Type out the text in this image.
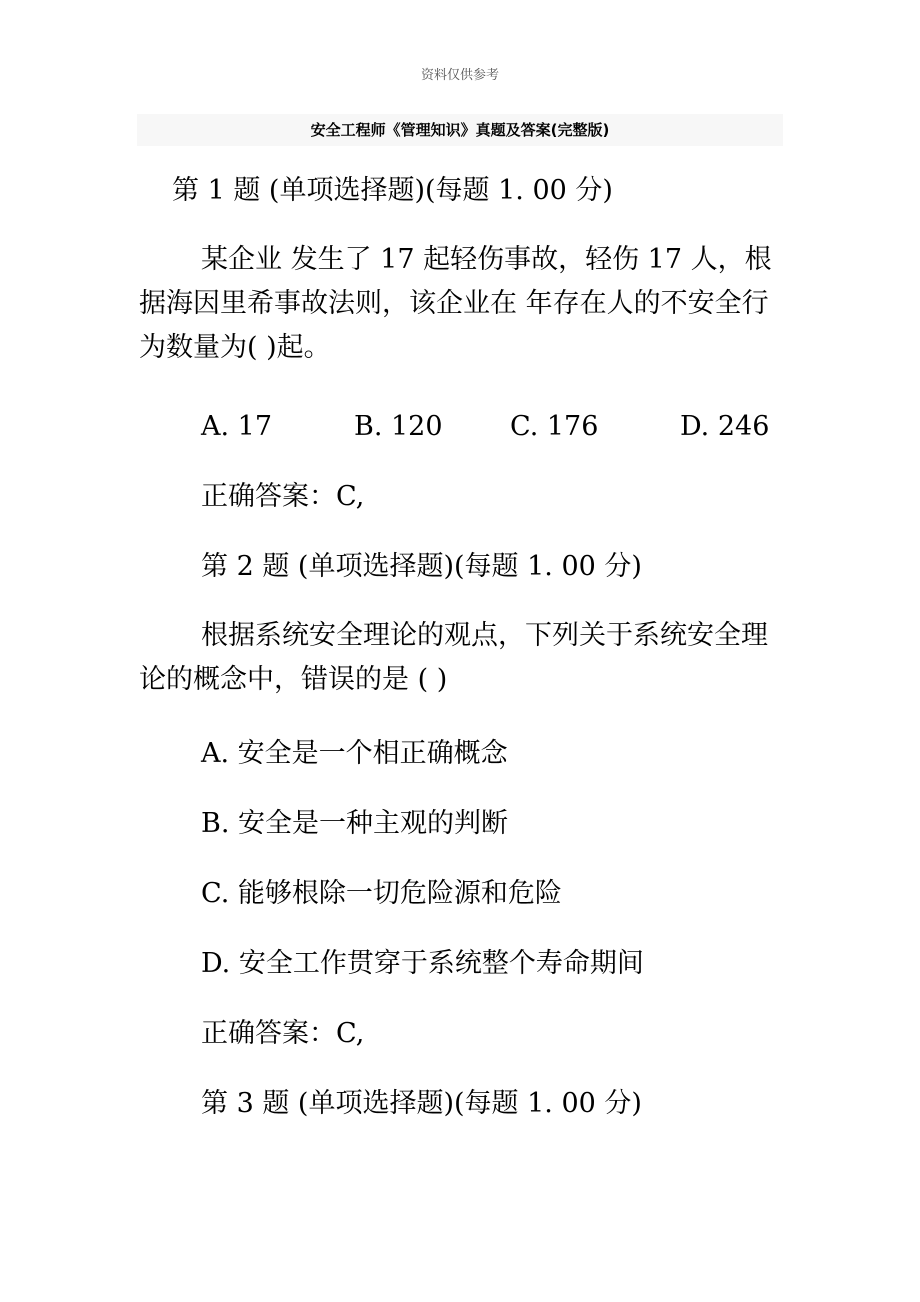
资料仅供参考
安全工程师《管理知识》真题及答案(完整版)
第 1 题 (单项选择题)(每题 1. 00 分)
某企业 发生了 17 起轻伤事故，轻伤 17 人，根据海因里希事故法则，该企业在 年存在人的不安全行为数量为( )起。
A. 17	B. 120 C. 176	D. 246
正确答案：C,
第 2 题 (单项选择题)(每题 1. 00 分)
根据系统安全理论的观点，下列关于系统安全理论的概念中，错误的是 ( )
A. 安全是一个相正确概念
B. 安全是一种主观的判断
C. 能够根除一切危险源和危险
D. 安全工作贯穿于系统整个寿命期间
正确答案：C,
第 3 题 (单项选择题)(每题 1. 00 分)
